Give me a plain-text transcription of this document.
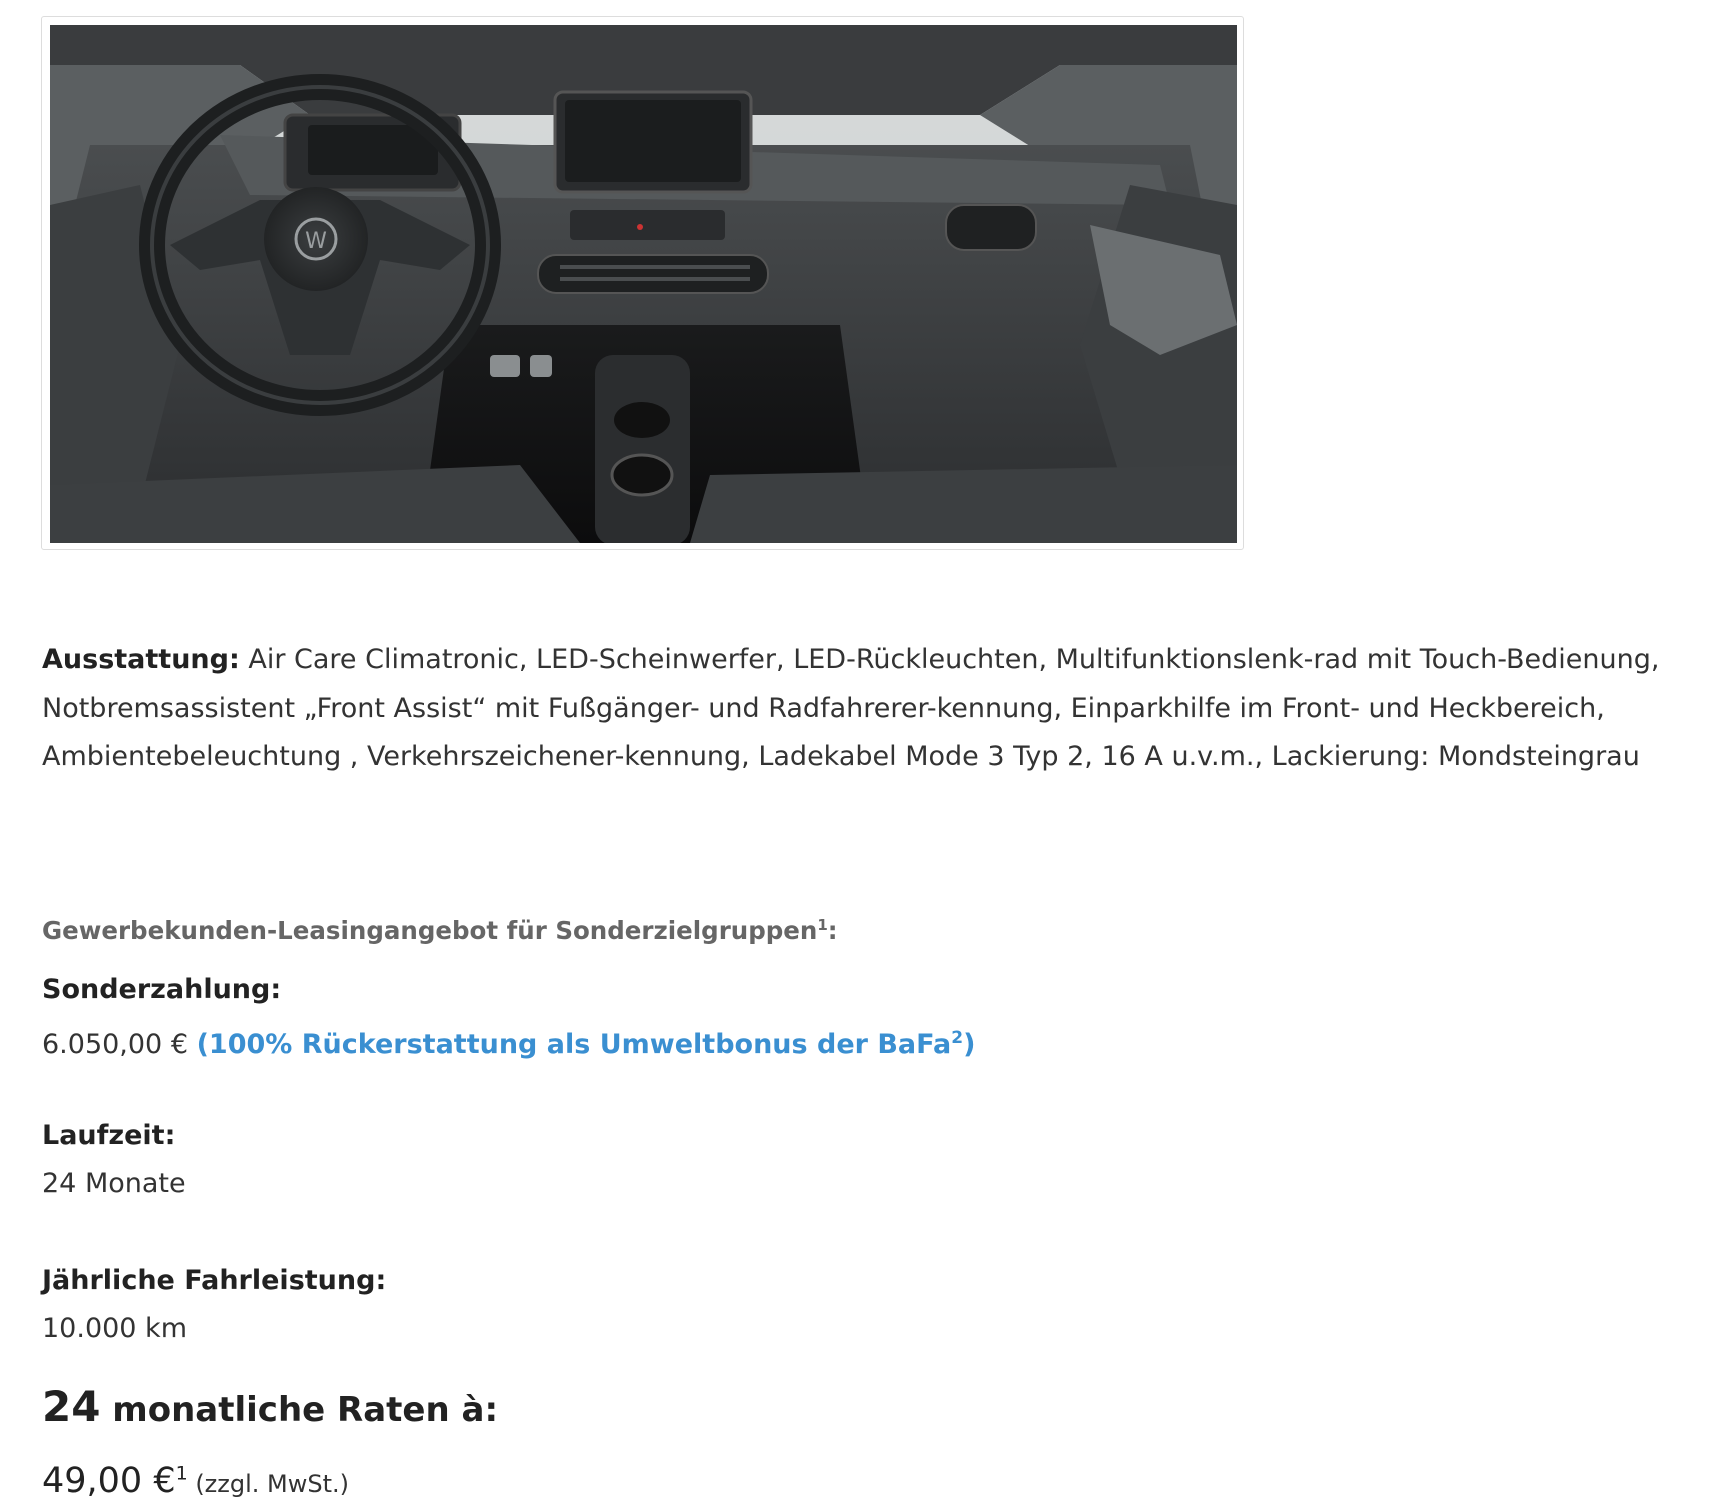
W

Ausstattung: Air Care Climatronic, LED-Scheinwerfer, LED-Rückleuchten, Multifunktionslenk-rad mit Touch-Bedienung, Notbremsassistent „Front Assist“ mit Fußgänger- und Radfahrerer-kennung, Einparkhilfe im Front- und Heckbereich, Ambientebeleuchtung , Verkehrszeichener-kennung, Ladekabel Mode 3 Typ 2, 16 A u.v.m., Lackierung: Mondsteingrau

Gewerbekunden-Leasingangebot für Sonderzielgruppen$^1$:

Sonderzahlung:
6.050,00 € (100% Rückerstattung als Umweltbonus der BaFa$^2$)
Laufzeit:
24 Monate
Jährliche Fahrleistung:
10.000 km

24 monatliche Raten à:

49,00 €$^1$ (zzgl. MwSt.)
